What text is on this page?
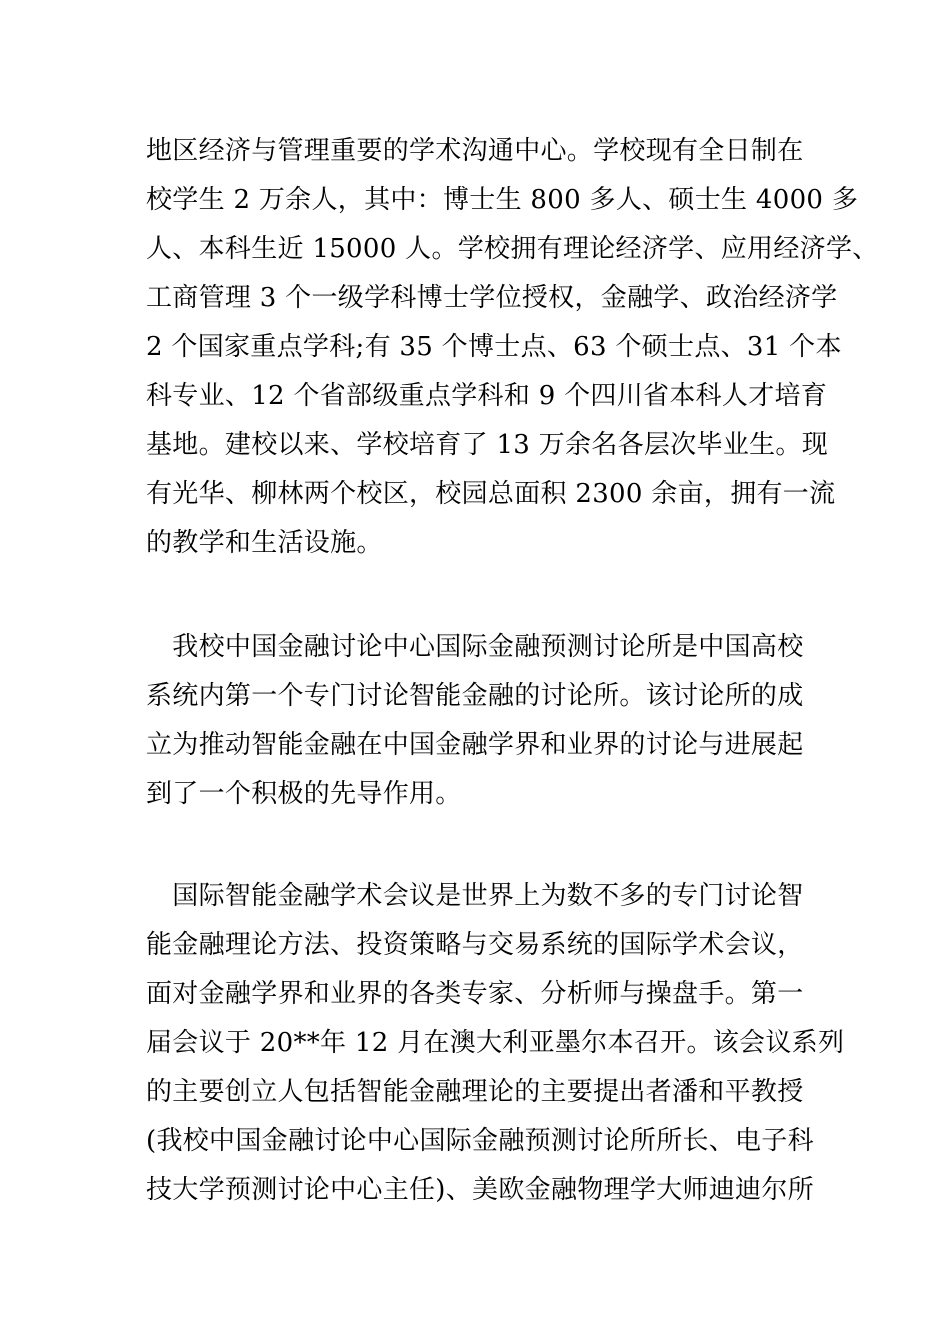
地区经济与管理重要的学术沟通中心。学校现有全日制在
校学生 2 万余人，其中：博士生 800 多人、硕士生 4000 多
人、本科生近 15000 人。学校拥有理论经济学、应用经济学、
工商管理 3 个一级学科博士学位授权，金融学、政治经济学
2 个国家重点学科;有 35 个博士点、63 个硕士点、31 个本
科专业、12 个省部级重点学科和 9 个四川省本科人才培育
基地。建校以来、学校培育了 13 万余名各层次毕业生。现
有光华、柳林两个校区，校园总面积 2300 余亩，拥有一流
的教学和生活设施。
　我校中国金融讨论中心国际金融预测讨论所是中国高校
系统内第一个专门讨论智能金融的讨论所。该讨论所的成
立为推动智能金融在中国金融学界和业界的讨论与进展起
到了一个积极的先导作用。
　国际智能金融学术会议是世界上为数不多的专门讨论智
能金融理论方法、投资策略与交易系统的国际学术会议，
面对金融学界和业界的各类专家、分析师与操盘手。第一
届会议于 20**年 12 月在澳大利亚墨尔本召开。该会议系列
的主要创立人包括智能金融理论的主要提出者潘和平教授
(我校中国金融讨论中心国际金融预测讨论所所长、电子科
技大学预测讨论中心主任)、美欧金融物理学大师迪迪尔所
